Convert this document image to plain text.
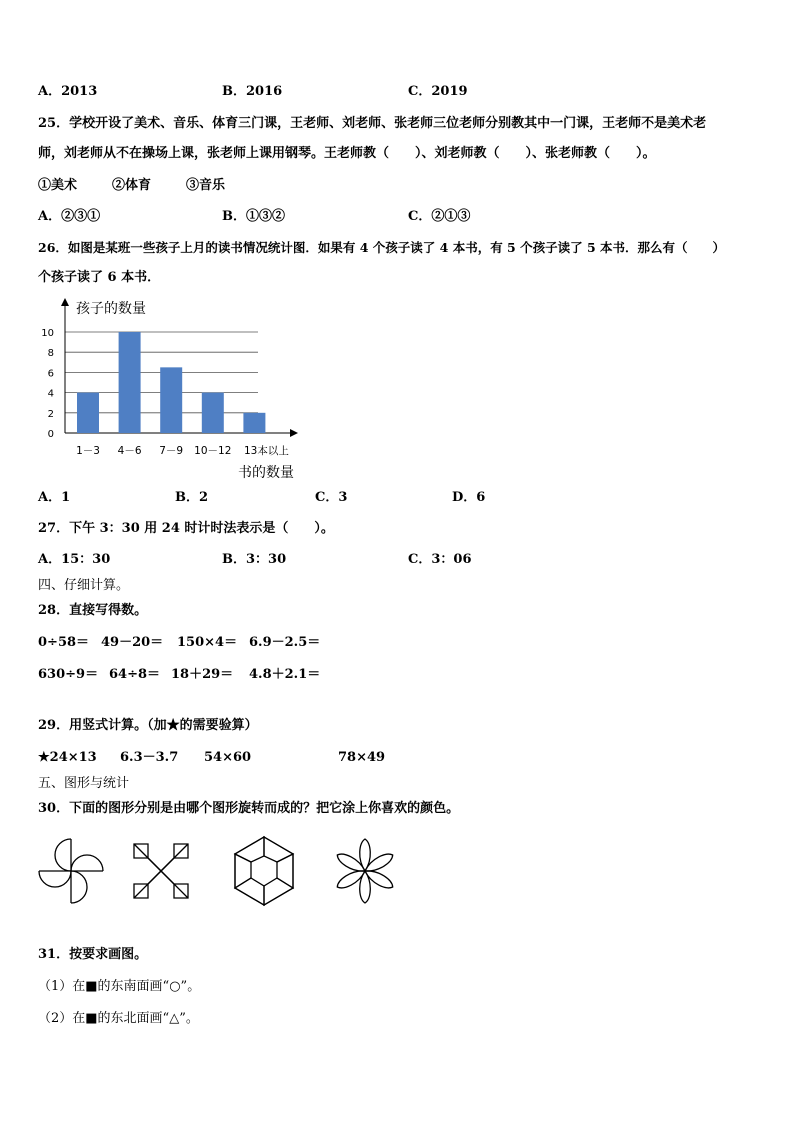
A．2013	B．2016	C．2019
25．学校开设了美术、音乐、体育三门课，王老师、刘老师、张老师三位老师分别教其中一门课，王老师不是美术老
师，刘老师从不在操场上课，张老师上课用钢琴。王老师教（　　）、刘老师教（　　）、张老师教（　　）。
①美术	②体育	③音乐
A．②③①	B．①③②	C．②①③
26．如图是某班一些孩子上月的读书情况统计图．如果有 4 个孩子读了 4 本书，有 5 个孩子读了 5 本书．那么有（　　）
个孩子读了 6 本书．
0
2
4
6
8
10
1－3 4－6 7－9 10－12 13本以上
孩子的数量
书的数量
A．1	B．2	C．3	D．6
27．下午 3：30 用 24 时计时法表示是（　　）。
A．15：30	B．3：30	C．3：06
四、仔细计算。
28．直接写得数。
0÷58＝ 49－20＝ 150×4＝ 6.9－2.5＝
630÷9＝ 64÷8＝ 18＋29＝ 4.8＋2.1＝
29．用竖式计算。（加★的需要验算）
★24×13 6.3－3.7 54×60	78×49
五、图形与统计
30．下面的图形分别是由哪个图形旋转而成的？把它涂上你喜欢的颜色。
31．按要求画图。
（1）在■的东南面画“○”。
（2）在■的东北面画“△”。
